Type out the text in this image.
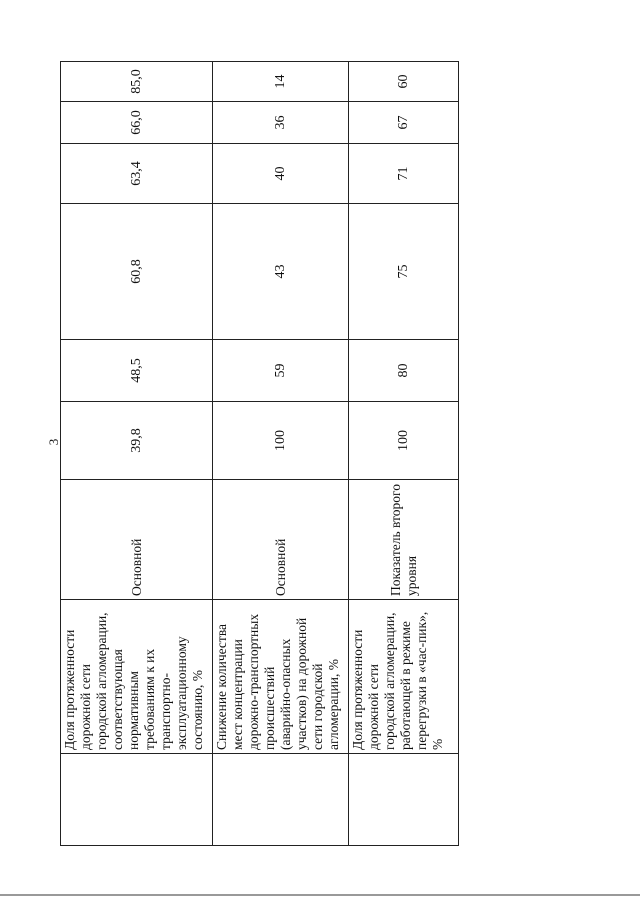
3
	Доля протяженности дорожной сети городской агломерации, соответствующая нормативным требованиям к их транспортно-эксплуатационному состоянию, %	Основной	39,8	48,5	60,8	63,4	66,0	85,0
	Снижение количества мест концентрации дорожно-транспортных происшествий (аварийно-опасных участков) на дорожной сети городской агломерации, %	Основной	100	59	43	40	36	14
	Доля протяженности дорожной сети городской агломерации, работающей в режиме перегрузки в «час-пик», %	Показатель второго уровня	100	80	75	71	67	60
